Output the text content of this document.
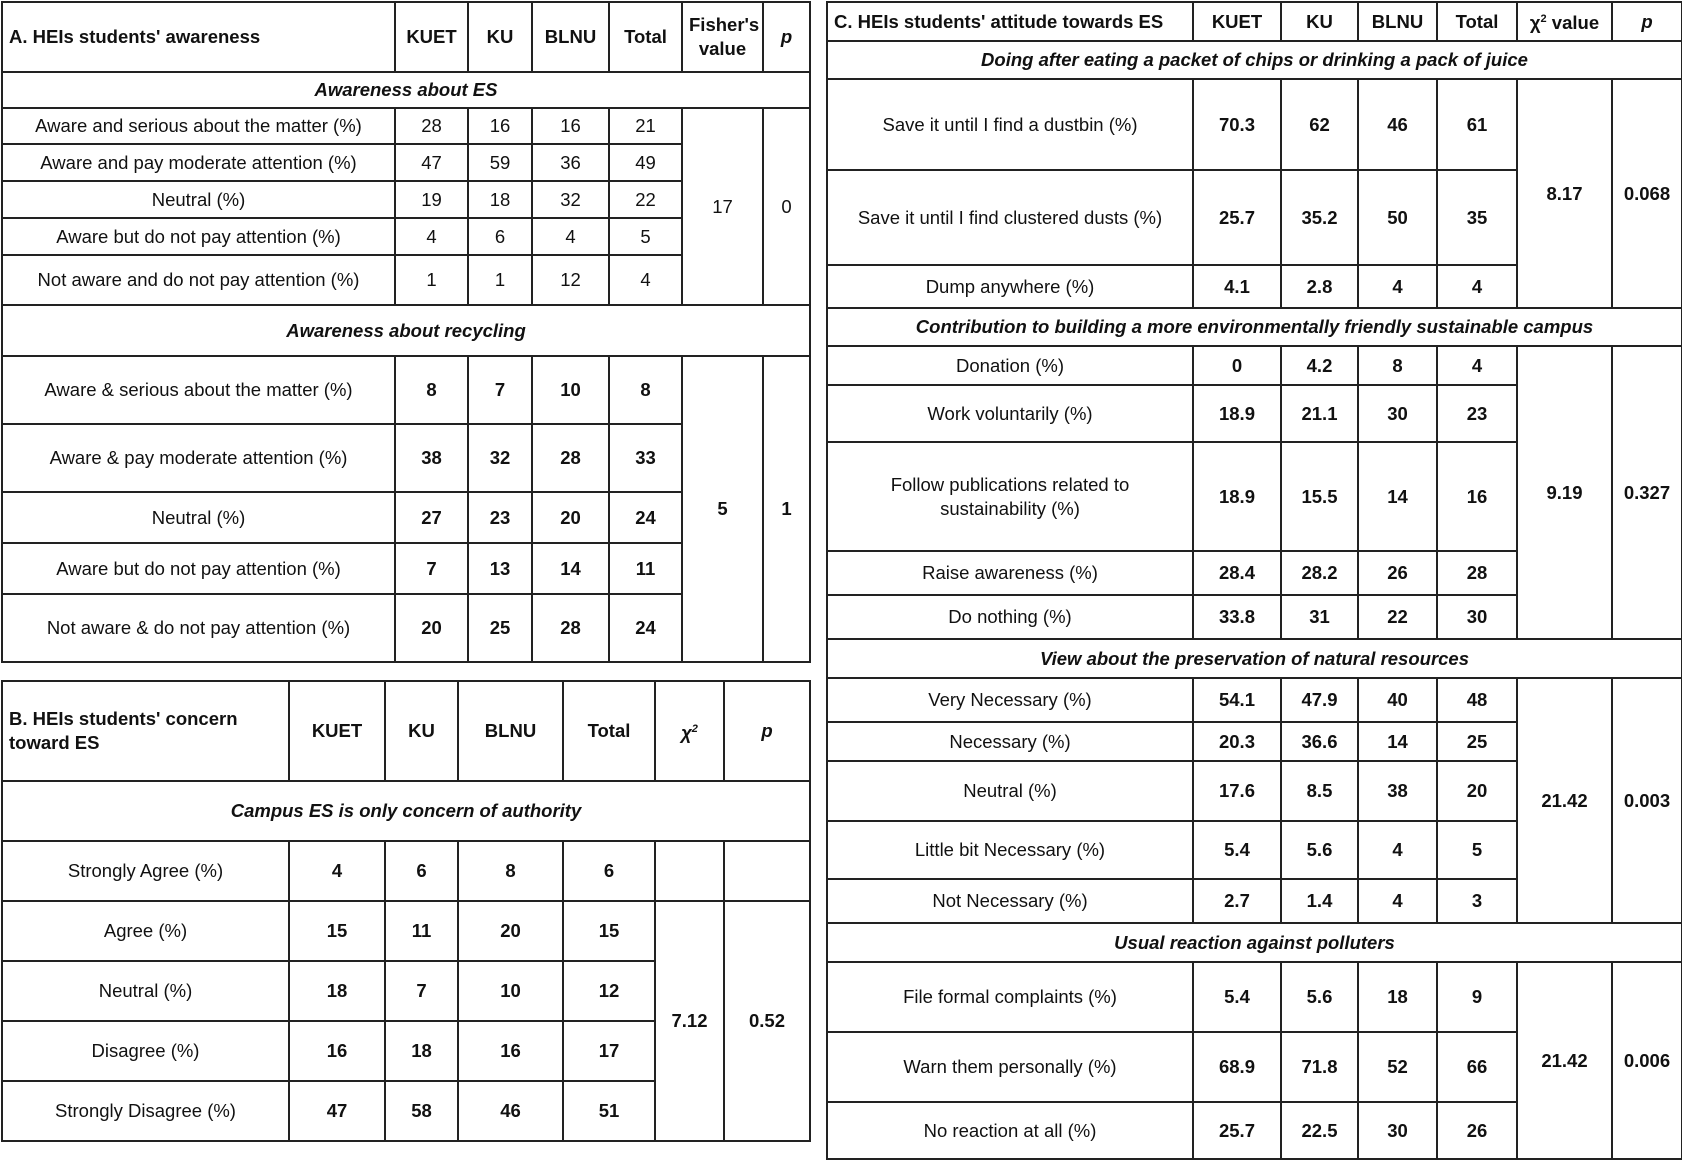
A. HEIs students' awareness	KUET	KU	BLNU	Total	Fisher's value	p
Awareness about ES						
Aware and serious about the matter (%)	28	16	16	21	17	0
Aware and pay moderate attention (%)	47	59	36	49		
Neutral (%)	19	18	32	22		
Aware but do not pay attention (%)	4	6	4	5		
Not aware and do not pay attention (%)	1	1	12	4		
Awareness about recycling						
Aware & serious about the matter (%)	8	7	10	8	5	1
Aware & pay moderate attention (%)	38	32	28	33		
Neutral (%)	27	23	20	24		
Aware but do not pay attention (%)	7	13	14	11		
Not aware & do not pay attention (%)	20	25	28	24		
B. HEIs students' concern toward ES	KUET	KU	BLNU	Total	$\chi^2$	p
Campus ES is only concern of authority						
Strongly Agree (%)	4	6	8	6		
Agree (%)	15	11	20	15	7.12	0.52
Neutral (%)	18	7	10	12		
Disagree (%)	16	18	16	17		
Strongly Disagree (%)	47	58	46	51		
C. HEIs students' attitude towards ES	KUET	KU	BLNU	Total	$\chi^2$ value	p
Doing after eating a packet of chips or drinking a pack of juice						
Save it until I find a dustbin (%)	70.3	62	46	61	8.17	0.068
Save it until I find clustered dusts (%)	25.7	35.2	50	35		
Dump anywhere (%)	4.1	2.8	4	4		
Contribution to building a more environmentally friendly sustainable campus						
Donation (%)	0	4.2	8	4	9.19	0.327
Work voluntarily (%)	18.9	21.1	30	23		
Follow publications related to sustainability (%)	18.9	15.5	14	16		
Raise awareness (%)	28.4	28.2	26	28		
Do nothing (%)	33.8	31	22	30		
View about the preservation of natural resources						
Very Necessary (%)	54.1	47.9	40	48	21.42	0.003
Necessary (%)	20.3	36.6	14	25		
Neutral (%)	17.6	8.5	38	20		
Little bit Necessary (%)	5.4	5.6	4	5		
Not Necessary (%)	2.7	1.4	4	3		
Usual reaction against polluters						
File formal complaints (%)	5.4	5.6	18	9	21.42	0.006
Warn them personally (%)	68.9	71.8	52	66		
No reaction at all (%)	25.7	22.5	30	26		
